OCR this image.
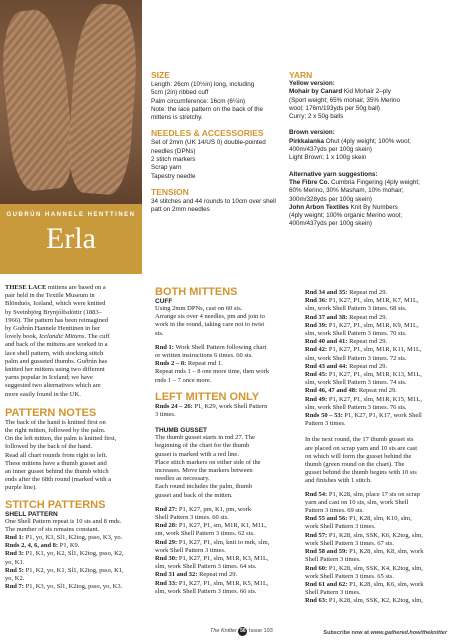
GUÐRÚN HANNELE HENTTINEN
Erla
SIZE
Length: 26cm (10½in) long, including
5cm (2in) ribbed cuff
Palm circumference: 16cm (6¼in)
Note: the lace pattern on the back of the
mittens is stretchy.
NEEDLES & ACCESSORIES
Set of 2mm (UK 14/US 0) double-pointed
needles (DPNs)
2 stitch markers
Scrap yarn
Tapestry needle
TENSION
34 stitches and 44 rounds to 10cm over shell
patt on 2mm needles
YARN
Yellow version:
Mohair by Canard Kid Mohair 2–ply
(Sport weight; 65% mohair, 35% Merino
wool; 176m/193yds per 50g ball)
Curry; 2 x 50g balls
Brown version:
Pirkkalanka Ohut (4ply weight; 100% wool;
400m/437yds per 100g skein)
Light Brown; 1 x 100g skein
Alternative yarn suggestions:
The Fibre Co. Cumbria Fingering (4ply weight;
60% Merino, 30% Masham, 10% mohair;
300m/328yds per 100g skein)
John Arbon Textiles Knit By Numbers
(4ply weight; 100% organic Merino wool;
400m/437yds per 100g skein)
THESE LACE mittens are based on a
pair held in the Textile Museum in
Blönduós, Iceland, which were knitted
by Sveinbjörg Brynjólfsdóttir (1883–
1966). The pattern has been reimagined
by Guðrún Hannele Henttinen in her
lovely book, Icelandic Mittens. The cuff
and back of the mittens are worked in a
lace shell pattern, with stocking stitch
palm and gusseted thumbs. Guðrún has
knitted her mittens using two different
yarns popular in Iceland; we have
suggested two alternatives which are
more easily found in the UK.
PATTERN NOTES
The back of the hand is knitted first on
the right mitten, followed by the palm.
On the left mitten, the palm is knitted first,
followed by the back of the hand.
Read all chart rounds from right to left.
These mittens have a thumb gusset and
an inner gusset behind the thumb which
ends after the 68th round (marked with a
purple line).
STITCH PATTERNS
SHELL PATTERN
One Shell Pattern repeat is 10 sts and 8 rnds.
The number of sts remains constant.
Rnd 1: P1, yo, K3, Sl1, K2tog, psso, K3, yo.
Rnds 2, 4, 6, and 8: P1, K9.
Rnd 3: P1, K1, yo, K2, Sl1, K2tog, psso, K2,
yo, K1.
Rnd 5: P1, K2, yo, K1, Sl1, K2tog, psso, K1,
yo, K2.
Rnd 7: P1, K3, yo, Sl1, K2tog, psso, yo, K3.
BOTH MITTENS
CUFF
Using 2mm DPNs, cast on 60 sts.
Arrange sts over 4 needles, pm and join to
work in the round, taking care not to twist
sts.
Rnd 1: Work Shell Pattern following chart
or written instructions 6 times. 60 sts.
Rnds 2 – 8: Repeat rnd 1.
Repeat rnds 1 – 8 one more time, then work
rnds 1 – 7 once more.
LEFT MITTEN ONLY
Rnds 24 – 26: P1, K29, work Shell Pattern
3 times.
THUMB GUSSET
The thumb gusset starts in rnd 27. The
beginning of the chart for the thumb
gusset is marked with a red line.
Place stitch markers on either side of the
increases. Move the markers between
needles as necessary.
Each round includes the palm, thumb
gusset and back of the mitten.
Rnd 27: P1, K27, pm, K1, pm, work
Shell Pattern 3 times. 60 sts.
Rnd 28: P1, K27, P1, sm, M1R, K1, M1L,
sm, work Shell Pattern 3 times. 62 sts.
Rnd 29: P1, K27, P1, slm, knit to mrk, slm,
work Shell Pattern 3 times.
Rnd 30: P1, K27, P1, slm, M1R, K3, M1L,
slm, work Shell Pattern 3 times. 64 sts.
Rnd 31 and 32: Repeat rnd 29.
Rnd 33: P1, K27, P1, slm, M1R, K5, M1L,
slm, work Shell Pattern 3 times. 66 sts.
Rnd 34 and 35: Repeat rnd 29.
Rnd 36: P1, K27, P1, slm, M1R, K7, M1L,
slm, work Shell Pattern 3 times. 68 sts.
Rnd 37 and 38: Repeat rnd 29.
Rnd 39: P1, K27, P1, slm, M1R, K9, M1L,
slm, work Shell Pattern 3 times. 70 sts.
Rnd 40 and 41: Repeat rnd 29.
Rnd 42: P1, K27, P1, slm, M1R, K11, M1L,
slm, work Shell Pattern 3 times. 72 sts.
Rnd 43 and 44: Repeat rnd 29.
Rnd 45: P1, K27, P1, slm, M1R, K13, M1L,
slm, work Shell Pattern 3 times. 74 sts.
Rnd 46, 47 and 48: Repeat rnd 29.
Rnd 49: P1, K27, P1, slm, M1R, K15, M1L,
slm, work Shell Pattern 3 times. 76 sts.
Rnds 50 – 53: P1, K27, P1, K17, work Shell
Pattern 3 times.
In the next round, the 17 thumb gusset sts
are placed on scrap yarn and 10 sts are cast
on which will form the gusset behind the
thumb (green round on the chart). The
gusset behind the thumb begins with 10 sts
and finishes with 1 stitch.
Rnd 54: P1, K28, slm, place 17 sts on scrap
yarn and cast on 10 sts, slm, work Shell
Pattern 3 times. 69 sts.
Rnd 55 and 56: P1, K28, slm, K10, slm,
work Shell Pattern 3 times.
Rnd 57: P1, K28, slm, SSK, K6, K2tog, slm,
work Shell Pattern 3 times. 67 sts.
Rnd 58 and 59: P1, K28, slm, K8, slm, work
Shell Pattern 3 times.
Rnd 60: P1, K28, slm, SSK, K4, K2tog, slm,
work Shell Pattern 3 times. 65 sts.
Rnd 61 and 62: P1, K28, slm, K6, slm, work
Shell Pattern 3 times.
Rnd 63: P1, K28, slm, SSK, K2, K2tog, slm,
The Knitter 56 Issue 193	Subscribe now at www.gathered.how/theknitter
